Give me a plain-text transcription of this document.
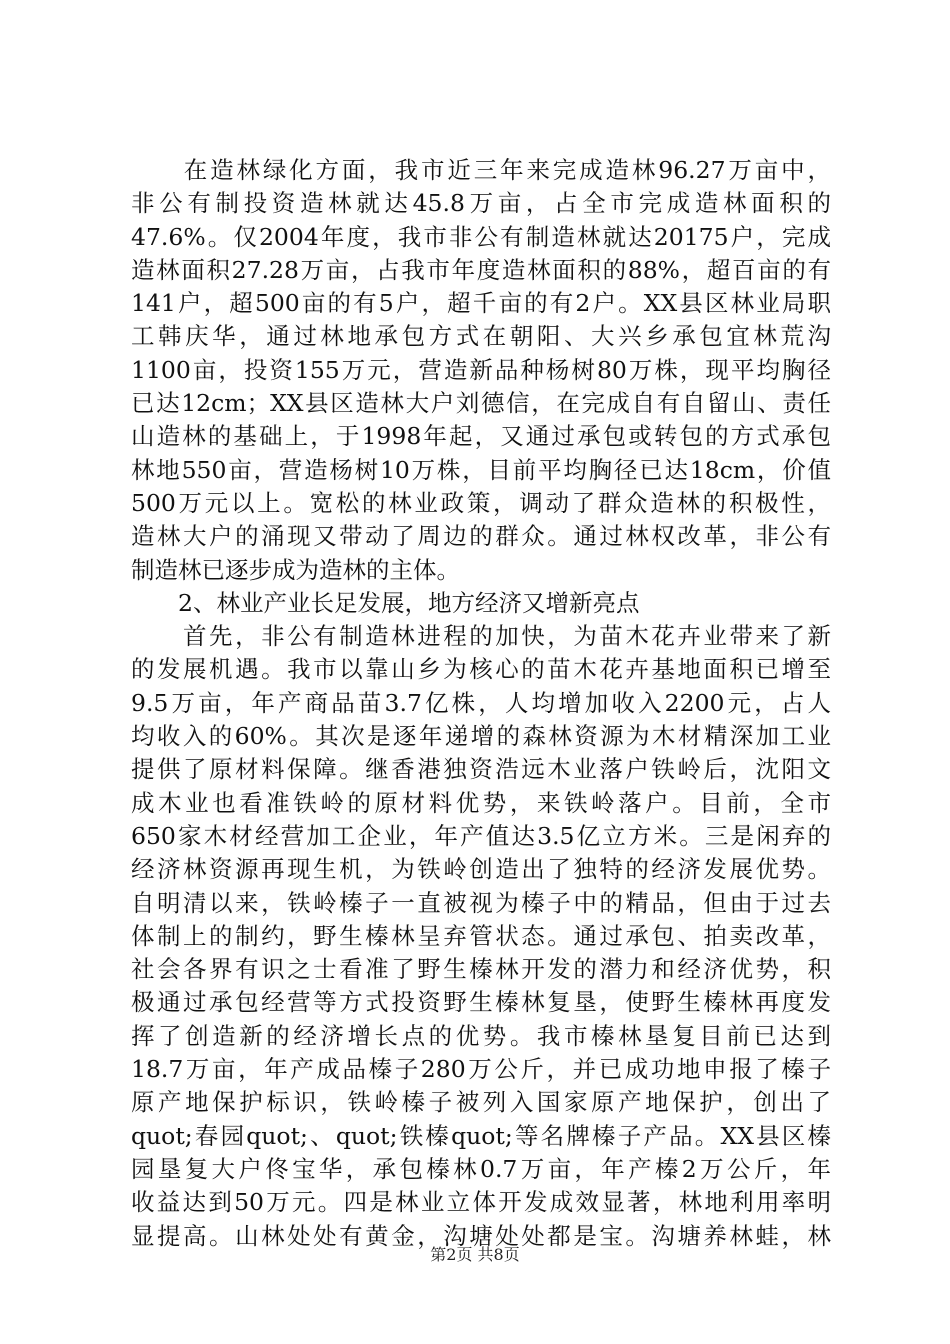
　　在造林绿化方面，我市近三年来完成造林96.27万亩中，
非公有制投资造林就达45.8万亩，占全市完成造林面积的
47.6%。仅2004年度，我市非公有制造林就达20175户，完成
造林面积27.28万亩，占我市年度造林面积的88%，超百亩的有
141户，超500亩的有5户，超千亩的有2户。XX县区林业局职
工韩庆华，通过林地承包方式在朝阳、大兴乡承包宜林荒沟
1100亩，投资155万元，营造新品种杨树80万株，现平均胸径
已达12cm；XX县区造林大户刘德信，在完成自有自留山、责任
山造林的基础上，于1998年起，又通过承包或转包的方式承包
林地550亩，营造杨树10万株，目前平均胸径已达18cm，价值
500万元以上。宽松的林业政策，调动了群众造林的积极性，
造林大户的涌现又带动了周边的群众。通过林权改革，非公有
制造林已逐步成为造林的主体。
　　2、林业产业长足发展，地方经济又增新亮点
　　首先，非公有制造林进程的加快，为苗木花卉业带来了新
的发展机遇。我市以靠山乡为核心的苗木花卉基地面积已增至
9.5万亩，年产商品苗3.7亿株，人均增加收入2200元，占人
均收入的60%。其次是逐年递增的森林资源为木材精深加工业
提供了原材料保障。继香港独资浩远木业落户铁岭后，沈阳文
成木业也看准铁岭的原材料优势，来铁岭落户。目前，全市
650家木材经营加工企业，年产值达3.5亿立方米。三是闲弃的
经济林资源再现生机，为铁岭创造出了独特的经济发展优势。
自明清以来，铁岭榛子一直被视为榛子中的精品，但由于过去
体制上的制约，野生榛林呈弃管状态。通过承包、拍卖改革，
社会各界有识之士看准了野生榛林开发的潜力和经济优势，积
极通过承包经营等方式投资野生榛林复垦，使野生榛林再度发
挥了创造新的经济增长点的优势。我市榛林垦复目前已达到
18.7万亩，年产成品榛子280万公斤，并已成功地申报了榛子
原产地保护标识，铁岭榛子被列入国家原产地保护，创出了
quot;春园quot;、quot;铁榛quot;等名牌榛子产品。XX县区榛
园垦复大户佟宝华，承包榛林0.7万亩，年产榛2万公斤，年
收益达到50万元。四是林业立体开发成效显著，林地利用率明
显提高。山林处处有黄金，沟塘处处都是宝。沟塘养林蛙，林
第2页 共8页
